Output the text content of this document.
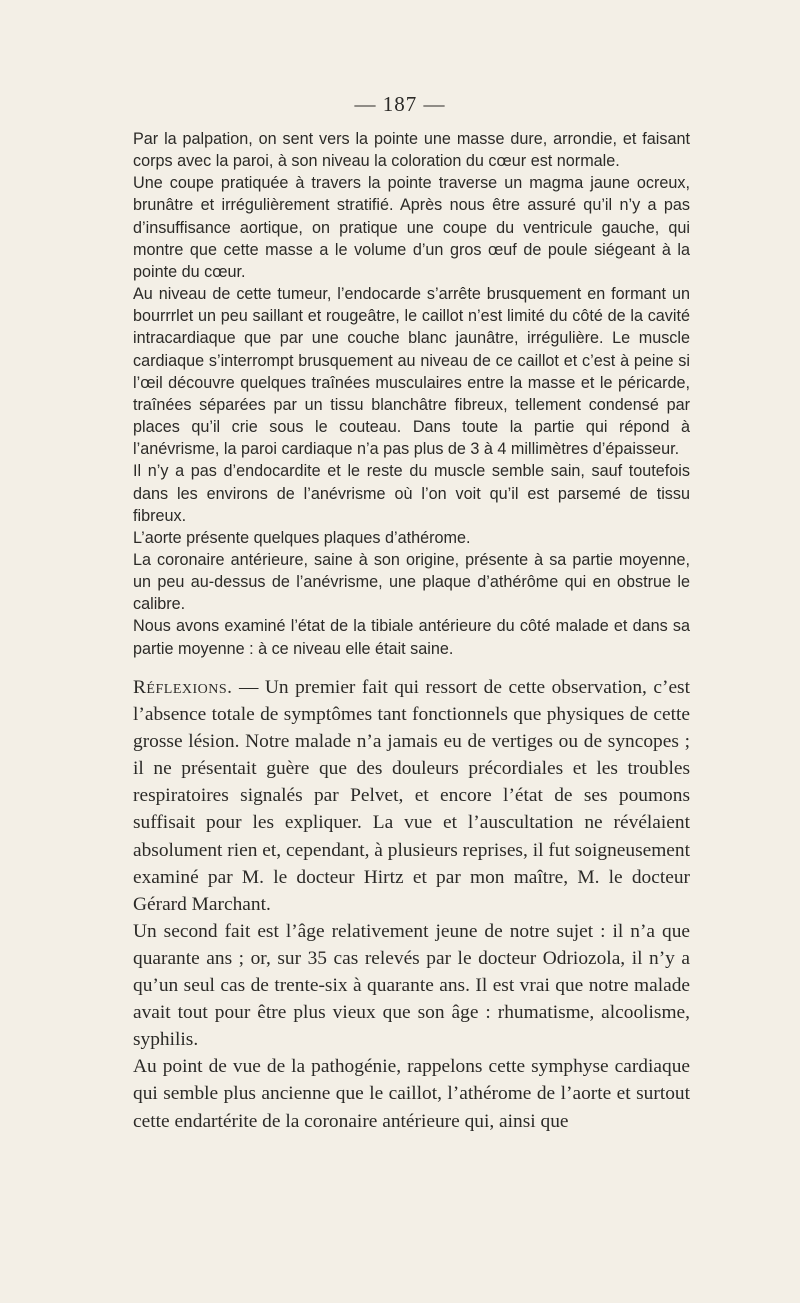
— 187 —

Par la palpation, on sent vers la pointe une masse dure, arrondie, et faisant corps avec la paroi, à son niveau la coloration du cœur est normale.

Une coupe pratiquée à travers la pointe traverse un magma jaune ocreux, brunâtre et irrégulièrement stratifié. Après nous être assuré qu’il n’y a pas d’insuffisance aortique, on pratique une coupe du ventricule gauche, qui montre que cette masse a le volume d’un gros œuf de poule siégeant à la pointe du cœur.

Au niveau de cette tumeur, l’endocarde s’arrête brusquement en formant un bourrrlet un peu saillant et rougeâtre, le caillot n’est limité du côté de la cavité intracardiaque que par une couche blanc jaunâtre, irrégulière. Le muscle cardiaque s’interrompt brusquement au niveau de ce caillot et c’est à peine si l’œil découvre quelques traînées musculaires entre la masse et le péricarde, traînées séparées par un tissu blanchâtre fibreux, tellement condensé par places qu’il crie sous le couteau. Dans toute la partie qui répond à l’anévrisme, la paroi cardiaque n’a pas plus de 3 à 4 millimètres d’épaisseur.

Il n’y a pas d’endocardite et le reste du muscle semble sain, sauf toutefois dans les environs de l’anévrisme où l’on voit qu’il est parsemé de tissu fibreux.

L’aorte présente quelques plaques d’athérome.

La coronaire antérieure, saine à son origine, présente à sa partie moyenne, un peu au-dessus de l’anévrisme, une plaque d’athérôme qui en obstrue le calibre.

Nous avons examiné l’état de la tibiale antérieure du côté malade et dans sa partie moyenne : à ce niveau elle était saine.

Réflexions. — Un premier fait qui ressort de cette observation, c’est l’absence totale de symptômes tant fonctionnels que physiques de cette grosse lésion. Notre malade n’a jamais eu de vertiges ou de syncopes ; il ne présentait guère que des douleurs précordiales et les troubles respiratoires signalés par Pelvet, et encore l’état de ses poumons suffisait pour les expliquer. La vue et l’auscultation ne révélaient absolument rien et, cependant, à plusieurs reprises, il fut soigneusement examiné par M. le docteur Hirtz et par mon maître, M. le docteur Gérard Marchant.

Un second fait est l’âge relativement jeune de notre sujet : il n’a que quarante ans ; or, sur 35 cas relevés par le docteur Odriozola, il n’y a qu’un seul cas de trente-six à quarante ans. Il est vrai que notre malade avait tout pour être plus vieux que son âge : rhumatisme, alcoolisme, syphilis.

Au point de vue de la pathogénie, rappelons cette symphyse cardiaque qui semble plus ancienne que le caillot, l’athérome de l’aorte et surtout cette endartérite de la coronaire antérieure qui, ainsi que
